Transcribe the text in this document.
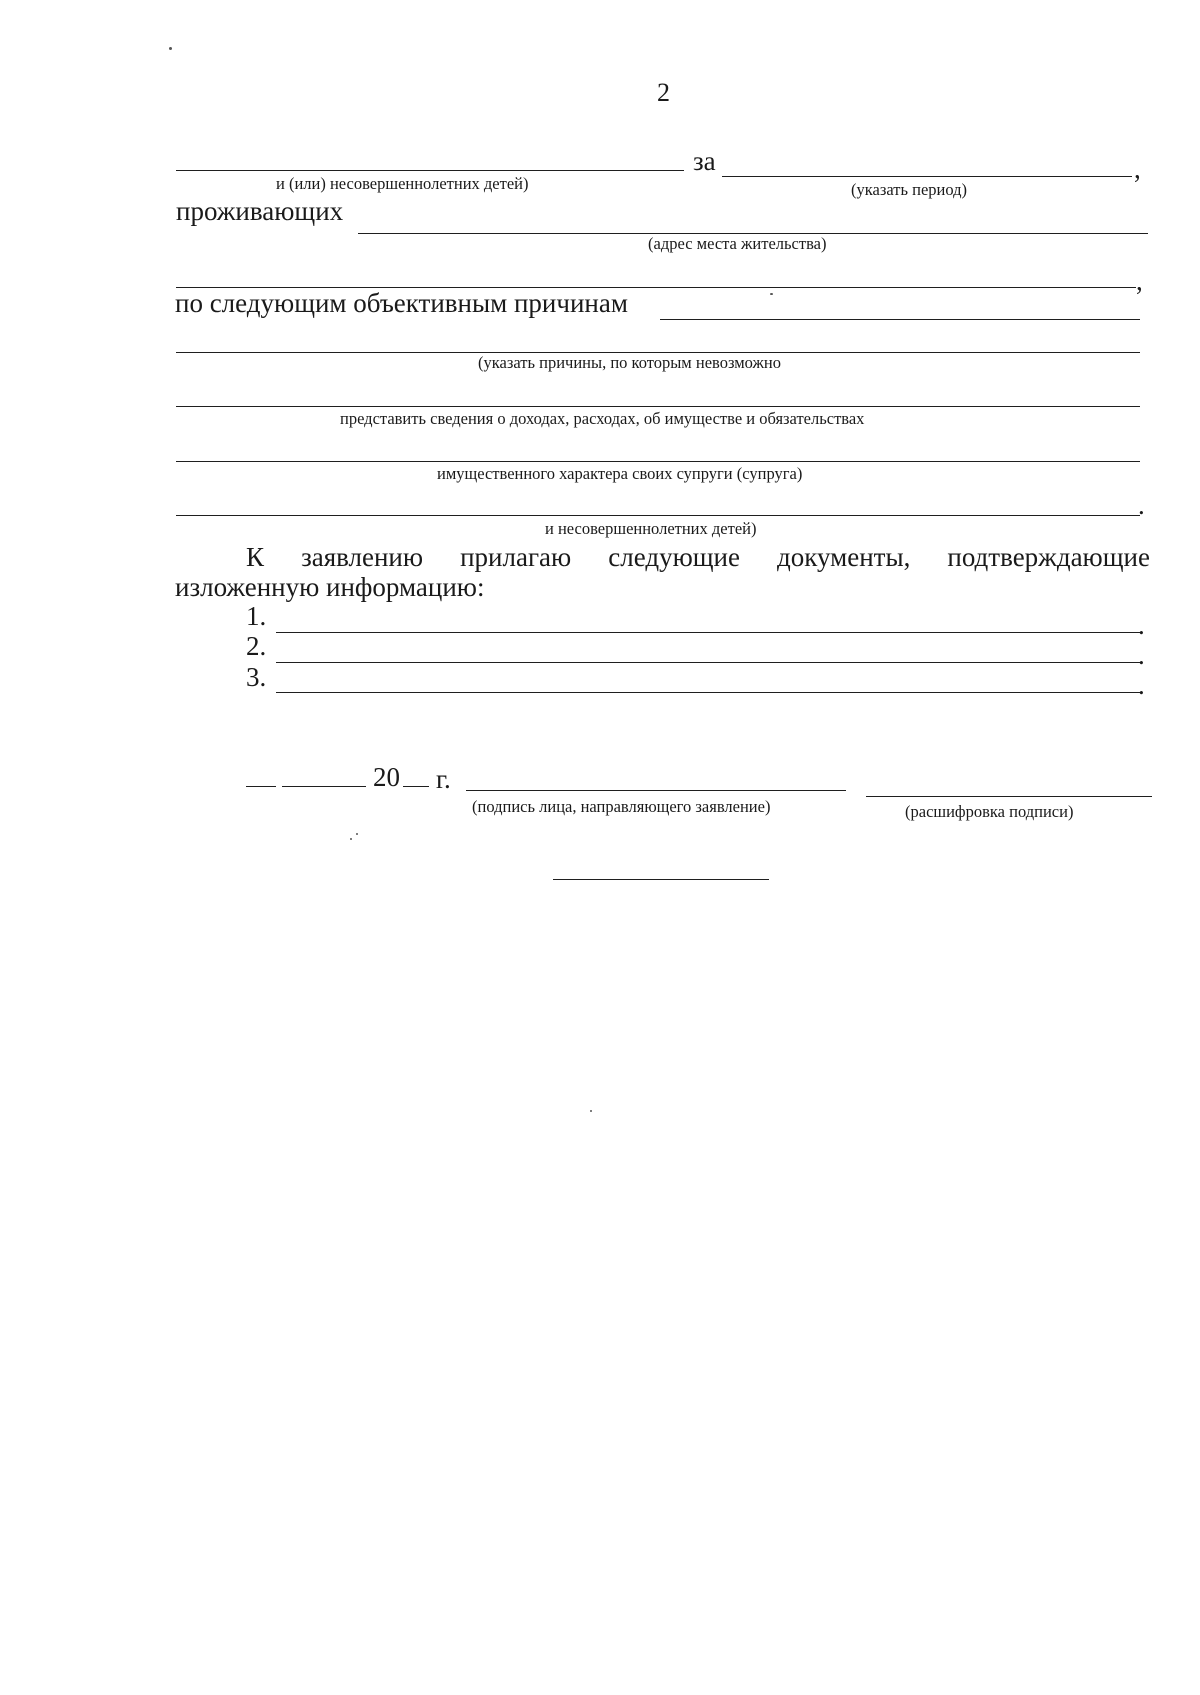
2
за	,
и (или) несовершеннолетних детей)	(указать период)
проживающих
(адрес места жительства)
,
по следующим объективным причинам
(указать причины, по которым невозможно
представить сведения о доходах, расходах, об имуществе и обязательствах
имущественного характера своих супруги (супруга)
.
и несовершеннолетних детей)
К заявлению прилагаю следующие документы, подтверждающие
изложенную информацию:
1.	.
2.	.
3.	.
20 г.
(подпись лица, направляющего заявление)	(расшифровка подписи)
